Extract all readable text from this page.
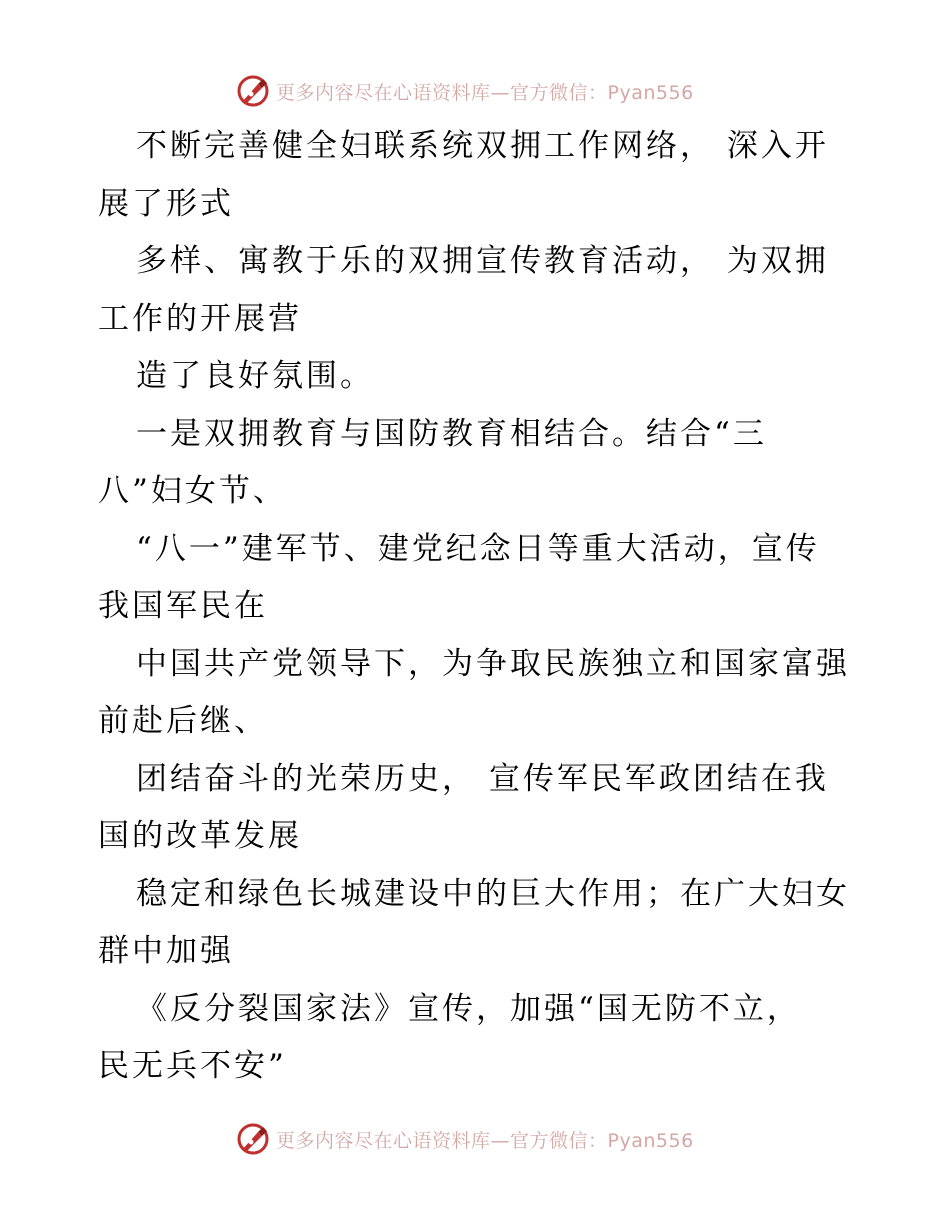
更多内容尽在心语资料库—官方微信：Pyan556
不断完善健全妇联系统双拥工作网络， 深入开
展了形式
多样、寓教于乐的双拥宣传教育活动， 为双拥
工作的开展营
造了良好氛围。
一是双拥教育与国防教育相结合。结合“三
八”妇女节、
“八一”建军节、建党纪念日等重大活动，宣传
我国军民在
中国共产党领导下，为争取民族独立和国家富强
前赴后继、
团结奋斗的光荣历史， 宣传军民军政团结在我
国的改革发展
稳定和绿色长城建设中的巨大作用；在广大妇女
群中加强
《反分裂国家法》宣传，加强“国无防不立，
民无兵不安”
更多内容尽在心语资料库—官方微信：Pyan556
